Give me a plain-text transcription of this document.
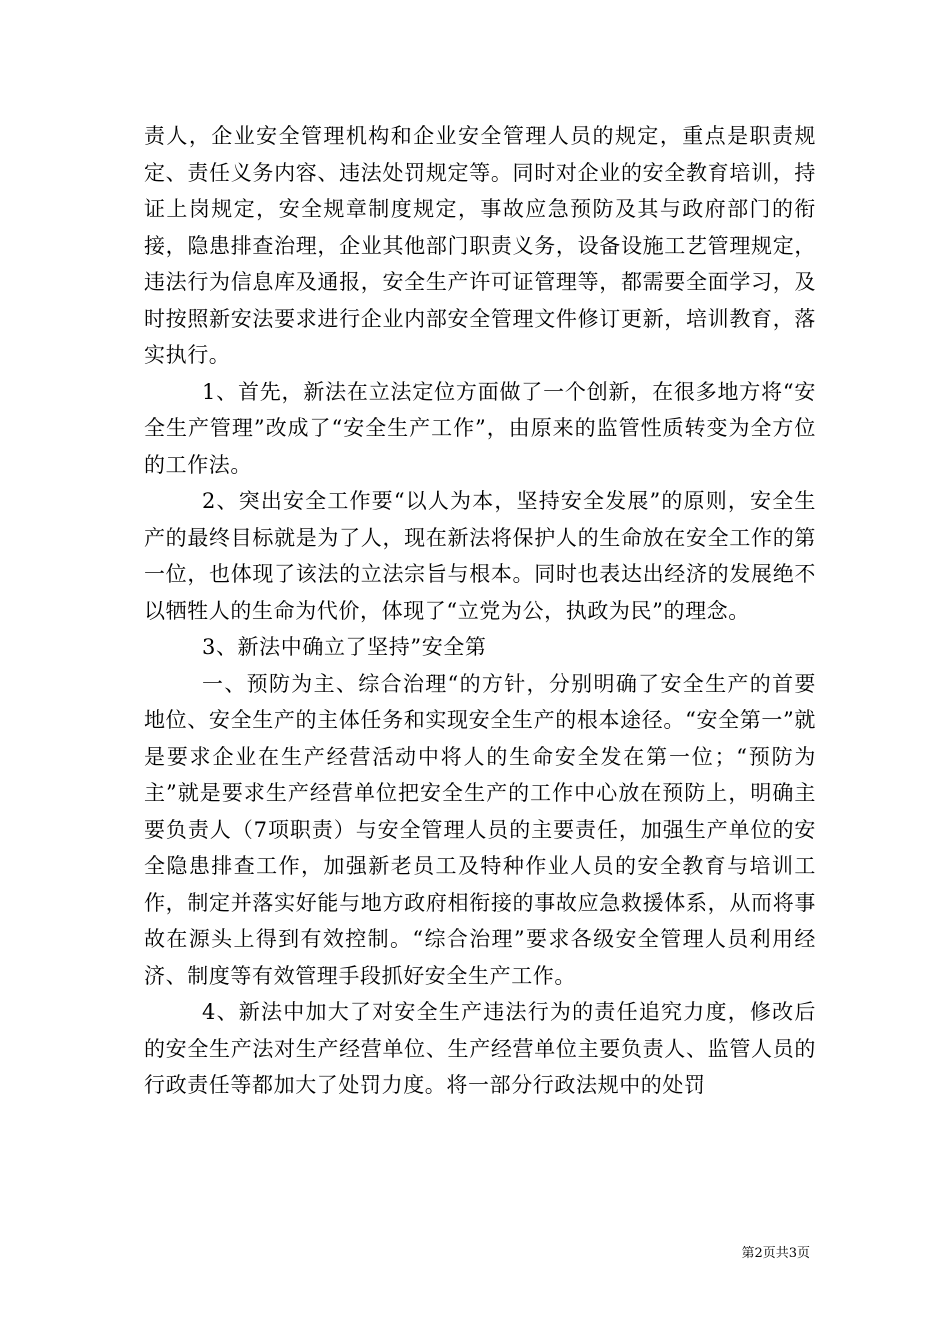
责人，企业安全管理机构和企业安全管理人员的规定，重点是职责规定、责任义务内容、违法处罚规定等。同时对企业的安全教育培训，持证上岗规定，安全规章制度规定，事故应急预防及其与政府部门的衔接，隐患排查治理，企业其他部门职责义务，设备设施工艺管理规定，违法行为信息库及通报，安全生产许可证管理等，都需要全面学习，及时按照新安法要求进行企业内部安全管理文件修订更新，培训教育，落实执行。

1、首先，新法在立法定位方面做了一个创新，在很多地方将“安全生产管理”改成了“安全生产工作”，由原来的监管性质转变为全方位的工作法。

2、突出安全工作要“以人为本，坚持安全发展”的原则，安全生产的最终目标就是为了人，现在新法将保护人的生命放在安全工作的第一位，也体现了该法的立法宗旨与根本。同时也表达出经济的发展绝不以牺牲人的生命为代价，体现了“立党为公，执政为民”的理念。

3、新法中确立了坚持”安全第

一、预防为主、综合治理“的方针，分别明确了安全生产的首要地位、安全生产的主体任务和实现安全生产的根本途径。“安全第一”就是要求企业在生产经营活动中将人的生命安全发在第一位；“预防为主”就是要求生产经营单位把安全生产的工作中心放在预防上，明确主要负责人（7项职责）与安全管理人员的主要责任，加强生产单位的安全隐患排查工作，加强新老员工及特种作业人员的安全教育与培训工作，制定并落实好能与地方政府相衔接的事故应急救援体系，从而将事故在源头上得到有效控制。“综合治理”要求各级安全管理人员利用经济、制度等有效管理手段抓好安全生产工作。

4、新法中加大了对安全生产违法行为的责任追究力度，修改后的安全生产法对生产经营单位、生产经营单位主要负责人、监管人员的行政责任等都加大了处罚力度。将一部分行政法规中的处罚

第2页共3页
